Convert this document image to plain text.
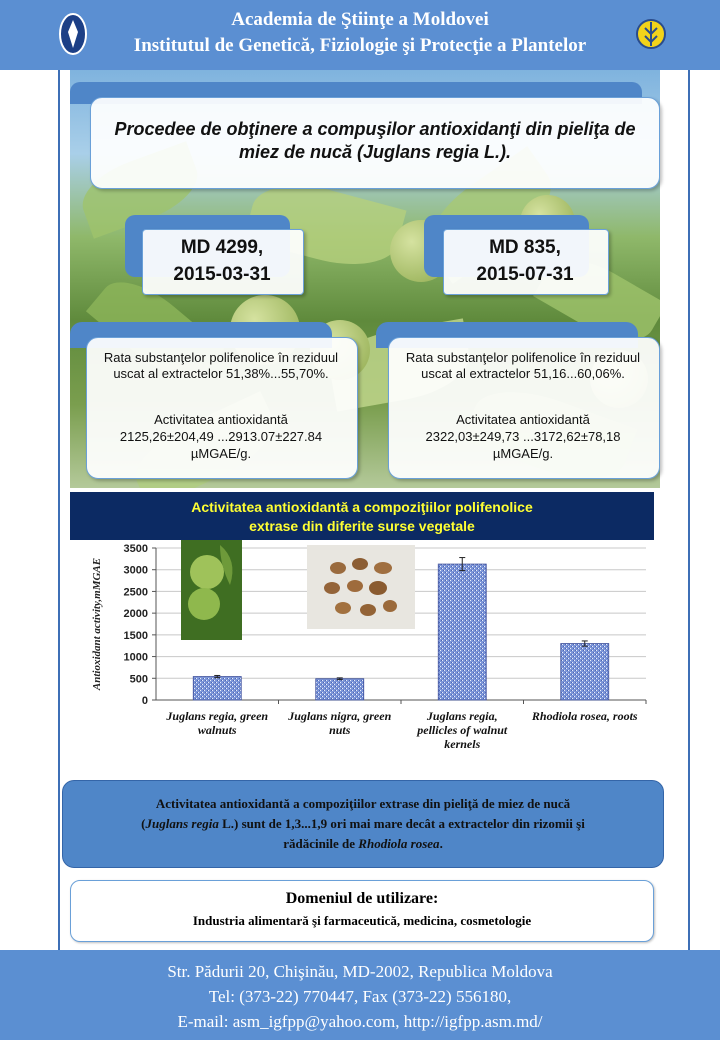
Academia de Ştiinţe a Moldovei
Institutul de Genetică, Fiziologie şi Protecţie a Plantelor
Procedee de obţinere a compuşilor antioxidanţi din pieliţa de miez de nucă (Juglans regia L.).
MD 4299,
2015-03-31
MD 835,
2015-07-31
Rata substanţelor polifenolice în reziduul uscat al extractelor 51,38%...55,70%.
Activitatea antioxidantă
2125,26±204,49 ...2913.07±227.84
µMGAE/g.
Rata substanţelor polifenolice în reziduul uscat al extractelor 51,16...60,06%.
Activitatea antioxidantă
2322,03±249,73 ...3172,62±78,18
µMGAE/g.
Activitatea antioxidantă a compoziţiilor polifenolice
extrase din diferite surse vegetale
0
500
1000
1500
2000
2500
3000
3500
Antioxidant activity,mMGAE
Juglans regia, green
walnuts
Juglans nigra, green
nuts
Juglans regia,
pellicles of walnut
kernels
Rhodiola rosea, roots
Activitatea antioxidantă a compoziţiilor extrase din pieliţă de miez de nucă
(Juglans regia L.) sunt de 1,3...1,9 ori mai mare decât a extractelor din rizomii şi
rădăcinile de Rhodiola rosea.
Domeniul de utilizare:
Industria alimentară şi farmaceutică, medicina, cosmetologie
Str. Pădurii 20, Chişinău, MD-2002, Republica Moldova
Tel: (373-22) 770447, Fax (373-22) 556180,
E-mail: asm_igfpp@yahoo.com, http://igfpp.asm.md/
